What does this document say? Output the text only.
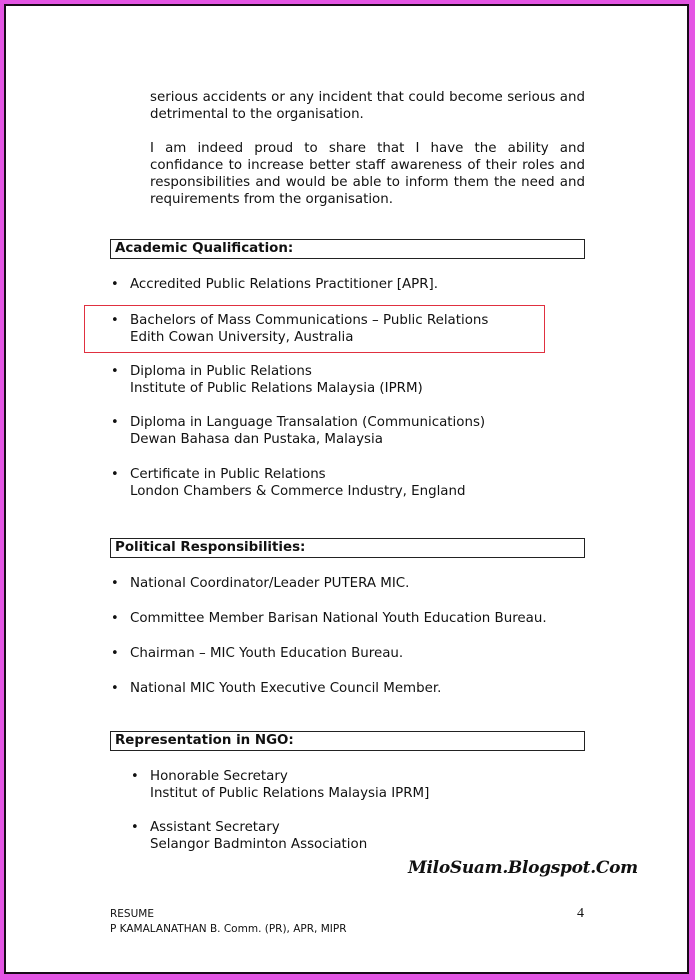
serious accidents or any incident that could become serious and detrimental to the organisation.
I am indeed proud to share that I have the ability and confidance to increase better staff awareness of their roles and responsibilities and would be able to inform them the need and requirements from the organisation.
Academic Qualification:
• Accredited Public Relations Practitioner [APR].
• Bachelors of Mass Communications – Public Relations
Edith Cowan University, Australia
• Diploma in Public Relations
Institute of Public Relations Malaysia (IPRM)
• Diploma in Language Transalation (Communications)
Dewan Bahasa dan Pustaka, Malaysia
• Certificate in Public Relations
London Chambers & Commerce Industry, England
Political Responsibilities:
• National Coordinator/Leader PUTERA MIC.
• Committee Member Barisan National Youth Education Bureau.
• Chairman – MIC Youth Education Bureau.
• National MIC Youth Executive Council Member.
Representation in NGO:
• Honorable Secretary
Institut of Public Relations Malaysia IPRM]
• Assistant Secretary
Selangor Badminton Association
MiloSuam.Blogspot.Com
RESUME
P KAMALANATHAN B. Comm. (PR), APR, MIPR
4
